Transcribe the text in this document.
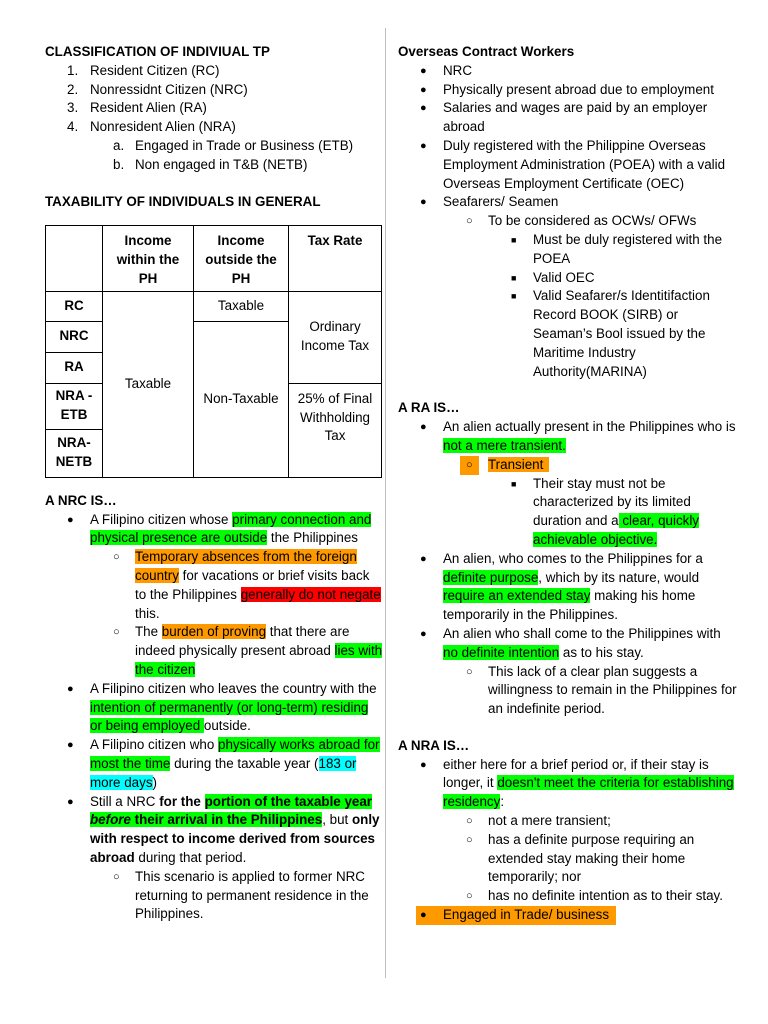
CLASSIFICATION OF INDIVIUAL TP
1. Resident Citizen (RC)
2. Nonressidnt Citizen (NRC)
3. Resident Alien (RA)
4. Nonresident Alien (NRA)
a. Engaged in Trade or Business (ETB)
b. Non engaged in T&B (NETB)
TAXABILITY OF INDIVIDUALS IN GENERAL
	Income within the PH	Income outside the PH	Tax Rate
RC	Taxable	Taxable	Ordinary Income Tax
NRC		Non-Taxable	
RA			
NRA -ETB			25% of Final Withholding Tax
NRA-NETB			
A NRC IS…
● A Filipino citizen whose primary connection and physical presence are outside the Philippines
○ Temporary absences from the foreign country for vacations or brief visits back to the Philippines generally do not negate this.
○ The burden of proving that there are indeed physically present abroad lies with the citizen
● A Filipino citizen who leaves the country with the intention of permanently (or long-term) residing or being employed outside.
● A Filipino citizen who physically works abroad for most the time during the taxable year (183 or more days)
● Still a NRC for the portion of the taxable year before their arrival in the Philippines, but only with respect to income derived from sources abroad during that period.
○ This scenario is applied to former NRC returning to permanent residence in the Philippines.
Overseas Contract Workers
● NRC
● Physically present abroad due to employment
● Salaries and wages are paid by an employer abroad
● Duly registered with the Philippine Overseas Employment Administration (POEA) with a valid Overseas Employment Certificate (OEC)
● Seafarers/ Seamen
○ To be considered as OCWs/ OFWs
■ Must be duly registered with the POEA
■ Valid OEC
■ Valid Seafarer/s Identitifaction Record BOOK (SIRB) or Seaman’s Bool issued by the Maritime Industry Authority(MARINA)
A RA IS…
● An alien actually present in the Philippines who is not a mere transient.
○	Transient
■ Their stay must not be characterized by its limited duration and a clear, quickly achievable objective.
● An alien, who comes to the Philippines for a definite purpose, which by its nature, would require an extended stay making his home temporarily in the Philippines.
● An alien who shall come to the Philippines with no definite intention as to his stay.
○ This lack of a clear plan suggests a willingness to remain in the Philippines for an indefinite period.
A NRA IS…
● either here for a brief period or, if their stay is longer, it doesn't meet the criteria for establishing residency:
○ not a mere transient;
○ has a definite purpose requiring an extended stay making their home temporarily; nor
○ has no definite intention as to their stay.
● Engaged in Trade/ business
